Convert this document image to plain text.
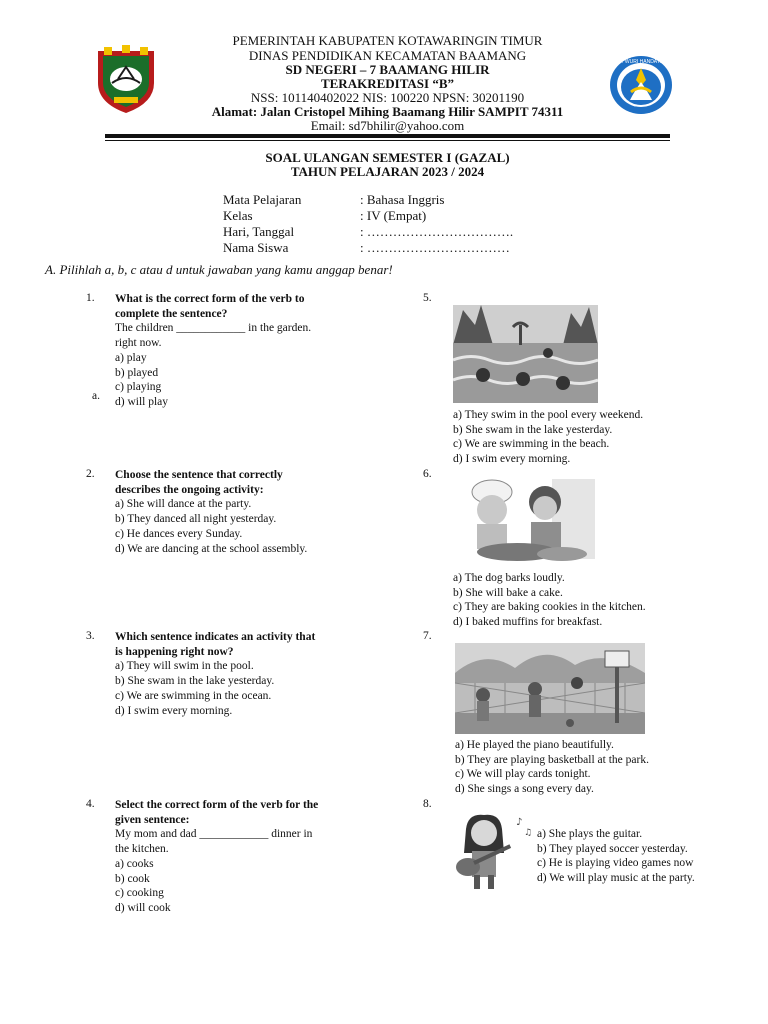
TUT WURI HANDAYANI
PEMERINTAH KABUPATEN KOTAWARINGIN TIMUR
DINAS PENDIDIKAN KECAMATAN BAAMANG
SD NEGERI – 7 BAAMANG HILIR
TERAKREDITASI “B”
NSS: 101140402022 NIS: 100220 NPSN: 30201190
Alamat: Jalan Cristopel Mihing Baamang Hilir SAMPIT 74311
Email: sd7bhilir@yahoo.com
SOAL ULANGAN SEMESTER I (GAZAL)
TAHUN PELAJARAN 2023 / 2024
Mata Pelajaran
Kelas
Hari, Tanggal
Nama Siswa
: Bahasa Inggris
: IV (Empat)
: …………………………….
: ……………………………
A. Pilihlah a, b, c atau d untuk jawaban yang kamu anggap benar!
1. What is the correct form of the verb to
complete the sentence?
The children ____________ in the garden.
right now.
a) play
b) played
c) playing
d) will play
a.
2. Choose the sentence that correctly
describes the ongoing activity:
a) She will dance at the party.
b) They danced all night yesterday.
c) He dances every Sunday.
d) We are dancing at the school assembly.
3. Which sentence indicates an activity that
is happening right now?
a) They will swim in the pool.
b) She swam in the lake yesterday.
c) We are swimming in the ocean.
d) I swim every morning.
4. Select the correct form of the verb for the
given sentence:
My mom and dad ____________ dinner in
the kitchen.
a) cooks
b) cook
c) cooking
d) will cook
5.
a) They swim in the pool every weekend.
b) She swam in the lake yesterday.
c) We are swimming in the beach.
d) I swim every morning.
6.
a) The dog barks loudly.
b) She will bake a cake.
c) They are baking cookies in the kitchen.
d) I baked muffins for breakfast.
7.
a) He played the piano beautifully.
b) They are playing basketball at the park.
c) We will play cards tonight.
d) She sings a song every day.
8.
♪
♫ a) She plays the guitar.
b) They played soccer yesterday.
c) He is playing video games now
d) We will play music at the party.
